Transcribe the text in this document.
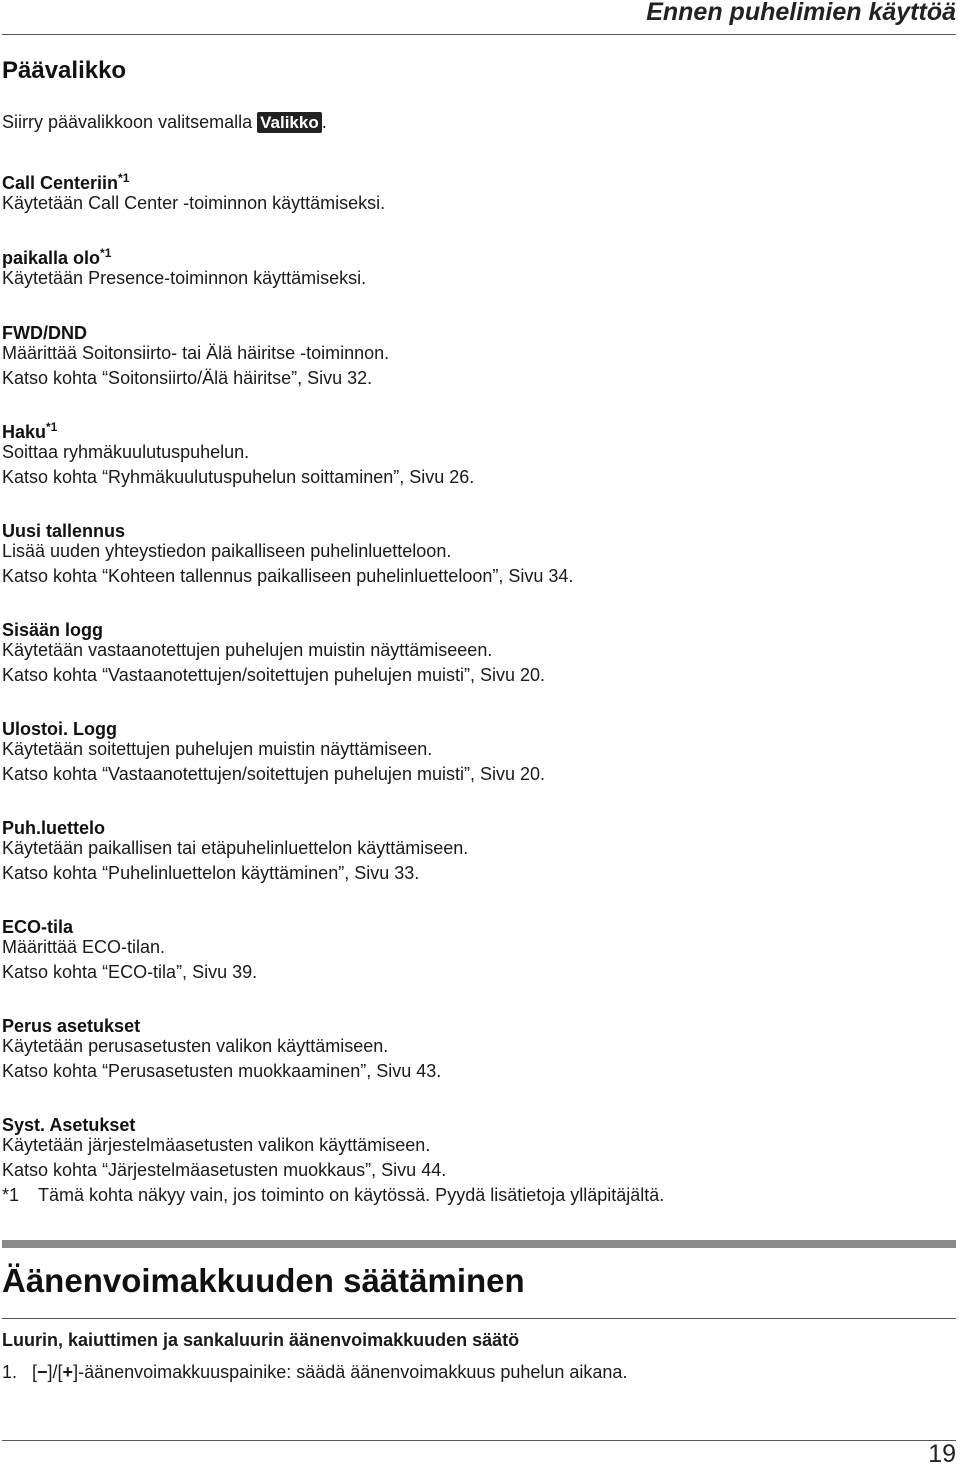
Ennen puhelimien käyttöä
Päävalikko
Siirry päävalikkoon valitsemalla Valikko .
Call Centeriin$^{*1}$
Käytetään Call Center -toiminnon käyttämiseksi.
paikalla olo$^{*1}$
Käytetään Presence-toiminnon käyttämiseksi.
FWD/DND
Määrittää Soitonsiirto- tai Älä häiritse -toiminnon.
Katso kohta “Soitonsiirto/Älä häiritse”, Sivu 32.
Haku$^{*1}$
Soittaa ryhmäkuulutuspuhelun.
Katso kohta “Ryhmäkuulutuspuhelun soittaminen”, Sivu 26.
Uusi tallennus
Lisää uuden yhteystiedon paikalliseen puhelinluetteloon.
Katso kohta “Kohteen tallennus paikalliseen puhelinluetteloon”, Sivu 34.
Sisään logg
Käytetään vastaanotettujen puhelujen muistin näyttämiseeen.
Katso kohta “Vastaanotettujen/soitettujen puhelujen muisti”, Sivu 20.
Ulostoi. Logg
Käytetään soitettujen puhelujen muistin näyttämiseen.
Katso kohta “Vastaanotettujen/soitettujen puhelujen muisti”, Sivu 20.
Puh.luettelo
Käytetään paikallisen tai etäpuhelinluettelon käyttämiseen.
Katso kohta “Puhelinluettelon käyttäminen”, Sivu 33.
ECO-tila
Määrittää ECO-tilan.
Katso kohta “ECO-tila”, Sivu 39.
Perus asetukset
Käytetään perusasetusten valikon käyttämiseen.
Katso kohta “Perusasetusten muokkaaminen”, Sivu 43.
Syst. Asetukset
Käytetään järjestelmäasetusten valikon käyttämiseen.
Katso kohta “Järjestelmäasetusten muokkaus”, Sivu 44.
*1 Tämä kohta näkyy vain, jos toiminto on käytössä. Pyydä lisätietoja ylläpitäjältä.
Äänenvoimakkuuden säätäminen
Luurin, kaiuttimen ja sankaluurin äänenvoimakkuuden säätö
1. [−]/[+]-äänenvoimakkuuspainike: säädä äänenvoimakkuus puhelun aikana.
19
